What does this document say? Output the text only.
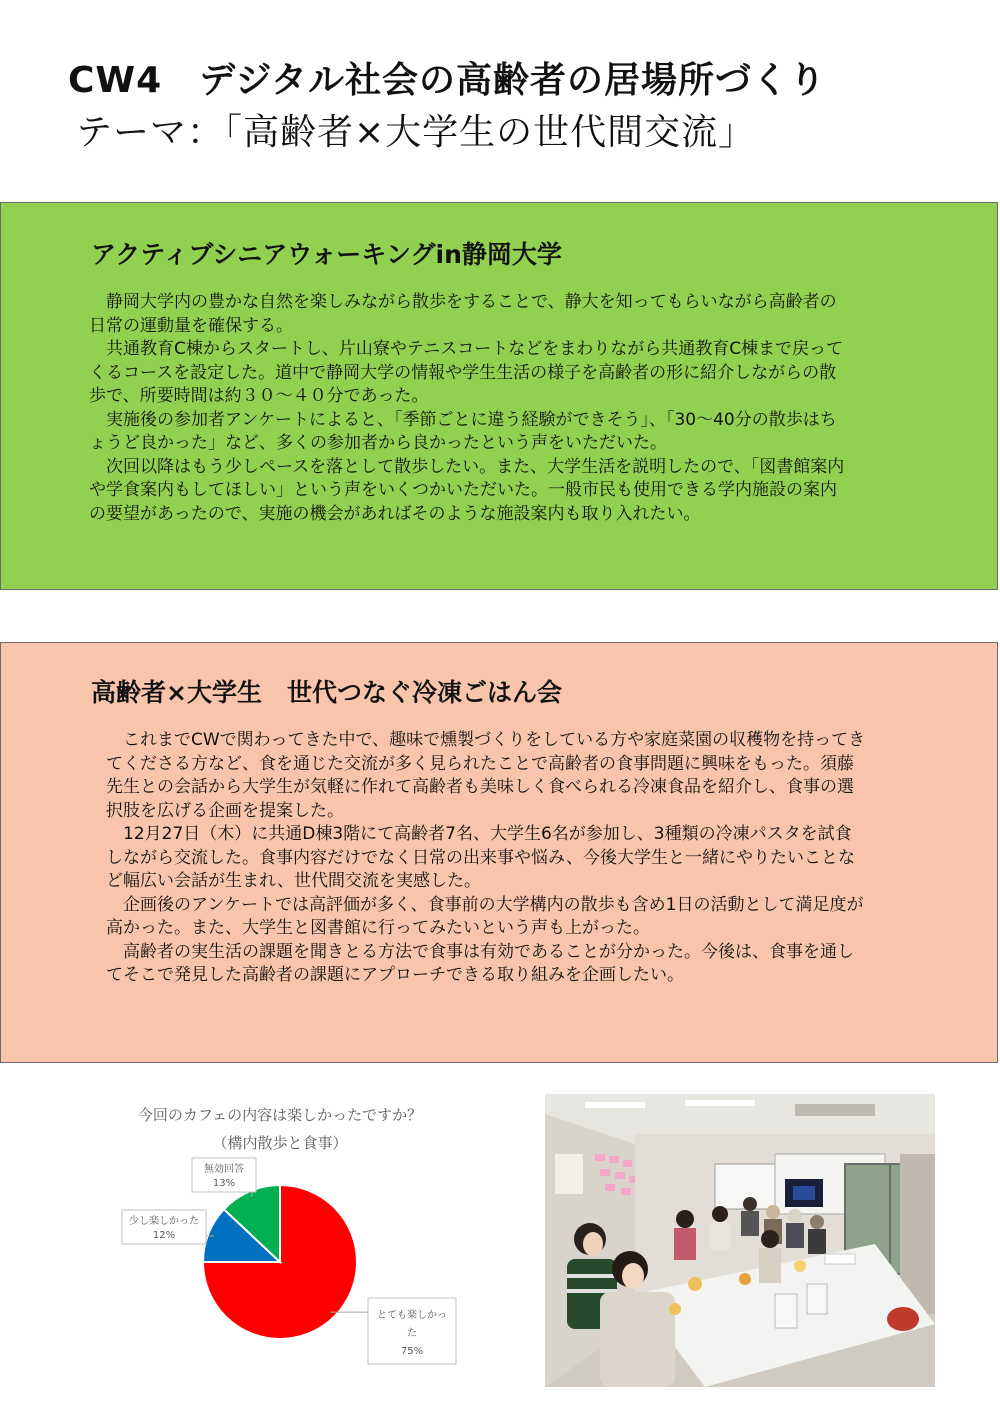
CW4　デジタル社会の高齢者の居場所づくり
テーマ：「高齢者×大学生の世代間交流」
アクティブシニアウォーキングin静岡大学

静岡大学内の豊かな自然を楽しみながら散歩をすることで、静大を知ってもらいながら高齢者の日常の運動量を確保する。

共通教育C棟からスタートし、片山寮やテニスコートなどをまわりながら共通教育C棟まで戻ってくるコースを設定した。道中で静岡大学の情報や学生生活の様子を高齢者の形に紹介しながらの散歩で、所要時間は約３０～４０分であった。

実施後の参加者アンケートによると、「季節ごとに違う経験ができそう」、「30～40分の散歩はちょうど良かった」など、多くの参加者から良かったという声をいただいた。

次回以降はもう少しペースを落として散歩したい。また、大学生活を説明したので、「図書館案内や学食案内もしてほしい」という声をいくつかいただいた。一般市民も使用できる学内施設の案内の要望があったので、実施の機会があればそのような施設案内も取り入れたい。

高齢者×大学生　世代つなぐ冷凍ごはん会

これまでCWで関わってきた中で、趣味で燻製づくりをしている方や家庭菜園の収穫物を持ってきてくださる方など、食を通じた交流が多く見られたことで高齢者の食事問題に興味をもった。須藤先生との会話から大学生が気軽に作れて高齢者も美味しく食べられる冷凍食品を紹介し、食事の選択肢を広げる企画を提案した。

12月27日（木）に共通D棟3階にて高齢者7名、大学生6名が参加し、3種類の冷凍パスタを試食しながら交流した。食事内容だけでなく日常の出来事や悩み、今後大学生と一緒にやりたいことなど幅広い会話が生まれ、世代間交流を実感した。

企画後のアンケートでは高評価が多く、食事前の大学構内の散歩も含め1日の活動として満足度が高かった。また、大学生と図書館に行ってみたいという声も上がった。

高齢者の実生活の課題を聞きとる方法で食事は有効であることが分かった。今後は、食事を通してそこで発見した高齢者の課題にアプローチできる取り組みを企画したい。

今回のカフェの内容は楽しかったですか？
（構内散歩と食事）
とても楽しかっ
た
75%
少し楽しかった
12%
無効回答
13%
